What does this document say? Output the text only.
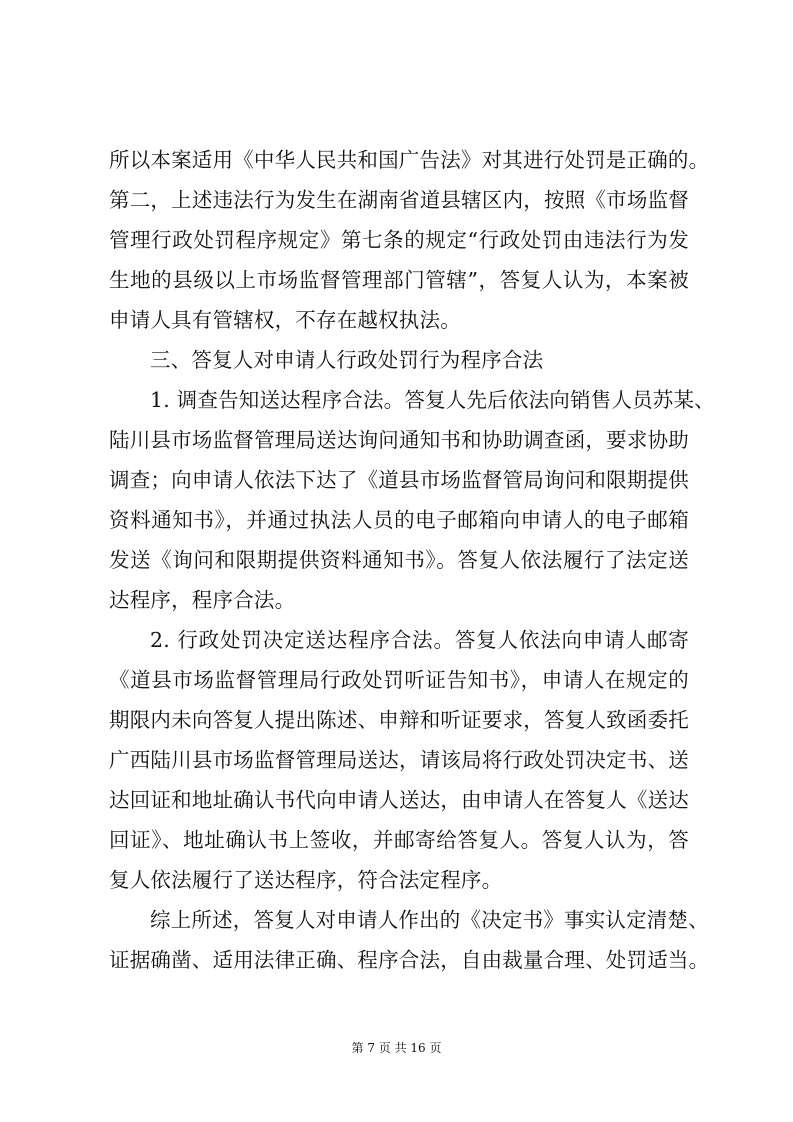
所以本案适用《中华人民共和国广告法》对其进行处罚是正确的。
第二，上述违法行为发生在湖南省道县辖区内，按照《市场监督
管理行政处罚程序规定》第七条的规定“行政处罚由违法行为发
生地的县级以上市场监督管理部门管辖”，答复人认为，本案被
申请人具有管辖权，不存在越权执法。
三、答复人对申请人行政处罚行为程序合法
1. 调查告知送达程序合法。答复人先后依法向销售人员苏某、
陆川县市场监督管理局送达询问通知书和协助调查函，要求协助
调查；向申请人依法下达了《道县市场监督管局询问和限期提供
资料通知书》，并通过执法人员的电子邮箱向申请人的电子邮箱
发送《询问和限期提供资料通知书》。答复人依法履行了法定送
达程序，程序合法。
2. 行政处罚决定送达程序合法。答复人依法向申请人邮寄
《道县市场监督管理局行政处罚听证告知书》，申请人在规定的
期限内未向答复人提出陈述、申辩和听证要求，答复人致函委托
广西陆川县市场监督管理局送达，请该局将行政处罚决定书、送
达回证和地址确认书代向申请人送达，由申请人在答复人《送达
回证》、地址确认书上签收，并邮寄给答复人。答复人认为，答
复人依法履行了送达程序，符合法定程序。
综上所述，答复人对申请人作出的《决定书》事实认定清楚、
证据确凿、适用法律正确、程序合法，自由裁量合理、处罚适当。
第 7 页 共 16 页
